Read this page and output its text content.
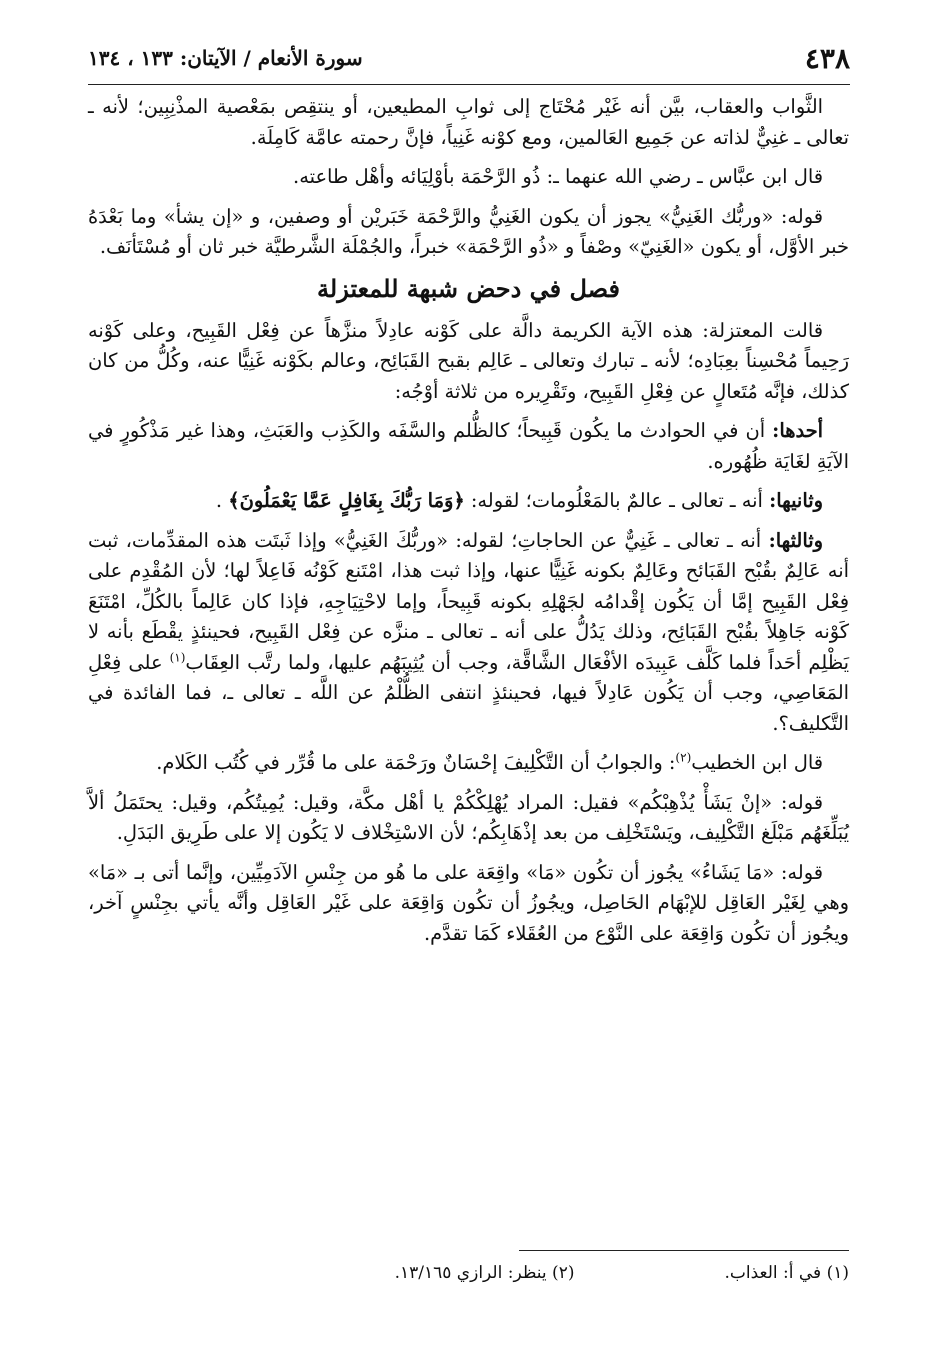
٤٣٨
سورة الأنعام / الآيتان: ١٣٣ ، ١٣٤

الثَّواب والعقاب، بيَّن أنه غَيْر مُحْتَاج إلى ثوابِ المطيعين، أو ينتقِص بمَعْصية المذْنِبِين؛ لأنه ـ تعالى ـ غنِيٌّ لذاته عن جَمِيع العَالمين، ومع كوْنه غَنِياً، فإنَّ رحمته عامَّة كَامِلَة.

قال ابن عبَّاس ـ رضي الله عنهما ـ: ذُو الرَّحْمَة بأوْلِيَائه وأهْل طاعته.

قوله: «وربُّك الغَنِيُّ» يجوز أن يكون الغَنِيُّ والرَّحْمَة خَبَريْن أو وصفين، و «إن يشأ» وما بَعْدَهُ خبر الأوَّل، أو يكون «الغَنِيّ» وصْفاً و «ذُو الرَّحْمَة» خبراً، والجُمْلَة الشَّرطيَّة خبر ثان أو مُسْتَأنَف.

فصل في دحض شبهة للمعتزلة

قالت المعتزلة: هذه الآية الكريمة دالَّة على كَوْنه عادِلاً منزَّهاً عن فِعْل القَبِيح، وعلى كَوْنه رَحِيماً مُحْسِناً بعِبَادِه؛ لأنه ـ تبارك وتعالى ـ عَالِم بقبح القَبَائِح، وعالم بكَوْنه غَنِيًّا عنه، وكُلُّ من كان كذلك، فإنَّه مُتَعالٍ عن فِعْلِ القَبِيح، وتَقْرِيره من ثلاثة أوْجُه:

أحدها: أن في الحوادث ما يكُون قَبِيحاً؛ كالظُّلم والسَّفَه والكَذِب والعَبَثِ، وهذا غير مَذْكُورٍ في الآيَةِ لغَايَة ظُهُوره.

وثانيها: أنه ـ تعالى ـ عالمٌ بالمَعْلُومات؛ لقوله: ﴿وَمَا رَبُّكَ بِغَافِلٍ عَمَّا يَعْمَلُونَ﴾ .

وثالثها: أنه ـ تعالى ـ غَنِيٌّ عن الحاجاتِ؛ لقوله: «وربُّكَ الغَنِيُّ» وإذا ثَبتَت هذه المقدِّمات، ثبت أنه عَالِمٌ بقُبْح القَبَائح وعَالِمٌ بكونه غَنِيًّا عنها، وإذا ثبت هذا، امْتَنع كَوْنُه فَاعِلاً لها؛ لأن المُقْدِم على فِعْل القَبِيح إمَّا أن يَكُون إقْدامُه لجَهْلِهِ بكونه قَبِيحاً، وإما لاحْتِيَاجِهِ، فإذا كان عَالِماً بالكُلِّ، امْتَنَعَ كَوْنه جَاهِلاً بقُبْح القَبَائِح، وذلك يَدُلُّ على أنه ـ تعالى ـ منزَّه عن فِعْل القَبِيح، فحينئذٍ يقْطَع بأنه لا يَظْلِم أحَداً فلما كَلَّف عَبِيدَه الأفْعَال الشَّاقَّة، وجب أن يُثِيبَهُم عليها، ولما رتَّب العِقَاب$^{(١)}$ على فِعْلِ المَعَاصِي، وجب أن يَكُون عَادِلاً فيها، فحينئذٍ انتفى الظُّلْمُ عن اللَّه ـ تعالى ـ، فما الفائدة في التَّكليف؟.

قال ابن الخطيب$^{(٢)}$: والجوابُ أن التَّكْلِيفَ إحْسَانٌ ورَحْمَة على ما قُرِّر في كُتُب الكَلام.

قوله: «إنْ يَشَأْ يُذْهِبْكُم» فقيل: المراد يُهْلِكْكُمْ يا أهْل مكَّة، وقيل: يُمِيتُكُم، وقيل: يحتَمَلُ ألاَّ يُبَلِّغَهُم مَبْلَغ التَّكْلِيف، ويَسْتَخْلِف من بعد إذْهَابِكُم؛ لأن الاسْتِخْلاف لا يَكُون إلا على طَرِيق البَدَلِ.

قوله: «مَا يَشَاءُ» يجُوز أن تكُون «مَا» واقِعَة على ما هُو من جِنْسِ الآدَمِيِّين، وإنَّما أتى بـ «مَا» وهي لِغَيْر العَاقِل للإبْهَام الحَاصِل، ويجُوزُ أن تكُون وَاقِعَة على غَيْر العَاقِل وأنَّه يأتي بجِنْسٍ آخر، ويجُوز أن تكُون وَاقِعَة على النَّوْع من العُقَلاء كَمَا تقدَّم.

(١) في أ: العذاب.
(٢) ينظر: الرازي ١٣/١٦٥.
